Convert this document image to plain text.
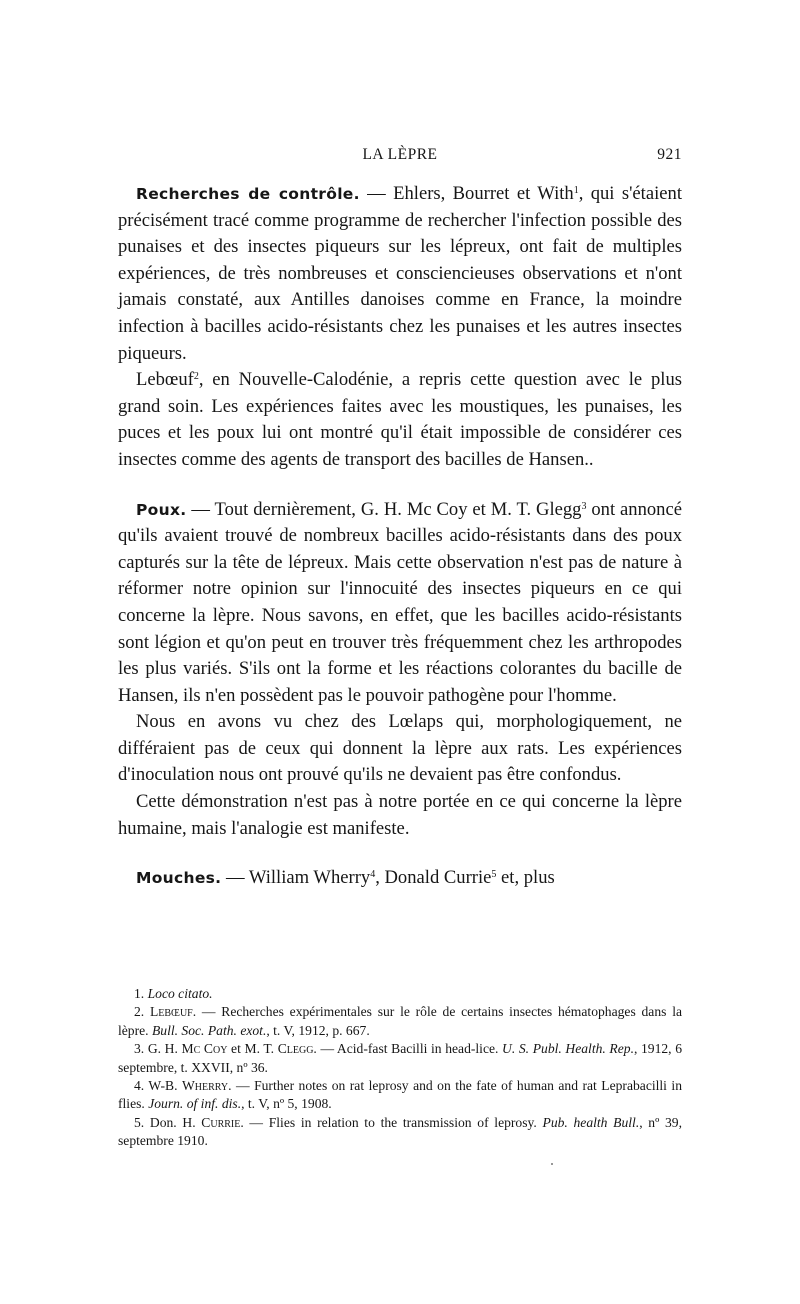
LA LÈPRE	921

Recherches de contrôle. — Ehlers, Bourret et With$^1$, qui s'étaient précisément tracé comme programme de rechercher l'infection possible des punaises et des insectes piqueurs sur les lépreux, ont fait de multiples expériences, de très nombreuses et consciencieuses observations et n'ont jamais constaté, aux Antilles danoises comme en France, la moindre infection à bacilles acido-résistants chez les punaises et les autres insectes piqueurs.

Lebœuf$^2$, en Nouvelle-Calodénie, a repris cette question avec le plus grand soin. Les expériences faites avec les moustiques, les punaises, les puces et les poux lui ont montré qu'il était impossible de considérer ces insectes comme des agents de transport des bacilles de Hansen..

Poux. — Tout dernièrement, G. H. Mc Coy et M. T. Glegg$^3$ ont annoncé qu'ils avaient trouvé de nombreux bacilles acido-résistants dans des poux capturés sur la tête de lépreux. Mais cette observation n'est pas de nature à réformer notre opinion sur l'innocuité des insectes piqueurs en ce qui concerne la lèpre. Nous savons, en effet, que les bacilles acido-résistants sont légion et qu'on peut en trouver très fréquemment chez les arthropodes les plus variés. S'ils ont la forme et les réactions colorantes du bacille de Hansen, ils n'en possèdent pas le pouvoir pathogène pour l'homme.

Nous en avons vu chez des Lœlaps qui, morphologiquement, ne différaient pas de ceux qui donnent la lèpre aux rats. Les expériences d'inoculation nous ont prouvé qu'ils ne devaient pas être confondus.

Cette démonstration n'est pas à notre portée en ce qui concerne la lèpre humaine, mais l'analogie est manifeste.

Mouches. — William Wherry$^4$, Donald Currie$^5$ et, plus

1. Loco citato.

2. Lebœuf. — Recherches expérimentales sur le rôle de certains insectes hématophages dans la lèpre. Bull. Soc. Path. exot., t. V, 1912, p. 667.

3. G. H. Mc Coy et M. T. Clegg. — Acid-fast Bacilli in head-lice. U. S. Publ. Health. Rep., 1912, 6 septembre, t. XXVII, nº 36.

4. W-B. Wherry. — Further notes on rat leprosy and on the fate of human and rat Leprabacilli in flies. Journ. of inf. dis., t. V, nº 5, 1908.

5. Don. H. Currie. — Flies in relation to the transmission of leprosy. Pub. health Bull., nº 39, septembre 1910.
